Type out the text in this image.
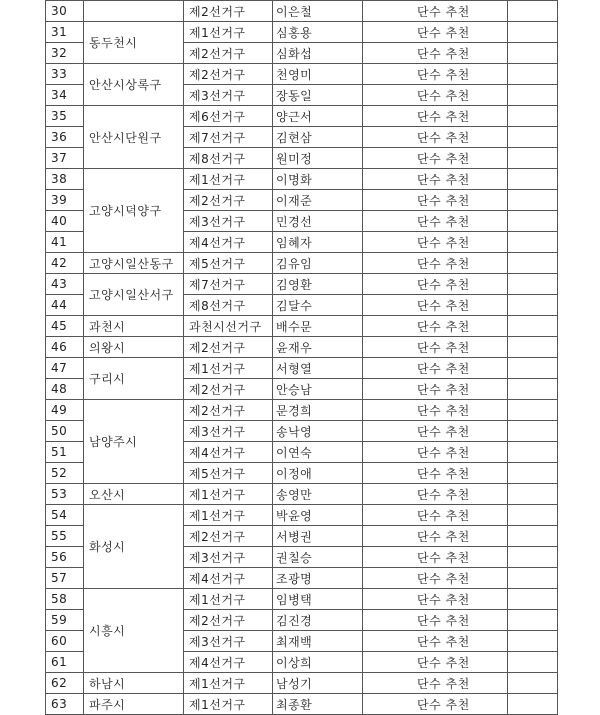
30		제2선거구	이은철	단수 추천	
31	동두천시	제1선거구	심홍용	단수 추천	
32		제2선거구	심화섭	단수 추천	
33	안산시상록구	제2선거구	천영미	단수 추천	
34		제3선거구	장동일	단수 추천	
35	안산시단원구	제6선거구	양근서	단수 추천	
36		제7선거구	김현삼	단수 추천	
37		제8선거구	원미정	단수 추천	
38	고양시덕양구	제1선거구	이명화	단수 추천	
39		제2선거구	이재준	단수 추천	
40		제3선거구	민경선	단수 추천	
41		제4선거구	임혜자	단수 추천	
42	고양시일산동구	제5선거구	김유임	단수 추천	
43	고양시일산서구	제7선거구	김영환	단수 추천	
44		제8선거구	김달수	단수 추천	
45	과천시	과천시선거구	배수문	단수 추천	
46	의왕시	제2선거구	윤재우	단수 추천	
47	구리시	제1선거구	서형열	단수 추천	
48		제2선거구	안승남	단수 추천	
49	남양주시	제2선거구	문경희	단수 추천	
50		제3선거구	송낙영	단수 추천	
51		제4선거구	이연숙	단수 추천	
52		제5선거구	이정애	단수 추천	
53	오산시	제1선거구	송영만	단수 추천	
54	화성시	제1선거구	박윤영	단수 추천	
55		제2선거구	서병권	단수 추천	
56		제3선거구	권칠승	단수 추천	
57		제4선거구	조광명	단수 추천	
58	시흥시	제1선거구	임병택	단수 추천	
59		제2선거구	김진경	단수 추천	
60		제3선거구	최재백	단수 추천	
61		제4선거구	이상희	단수 추천	
62	하남시	제1선거구	남성기	단수 추천	
63	파주시	제1선거구	최종환	단수 추천	
